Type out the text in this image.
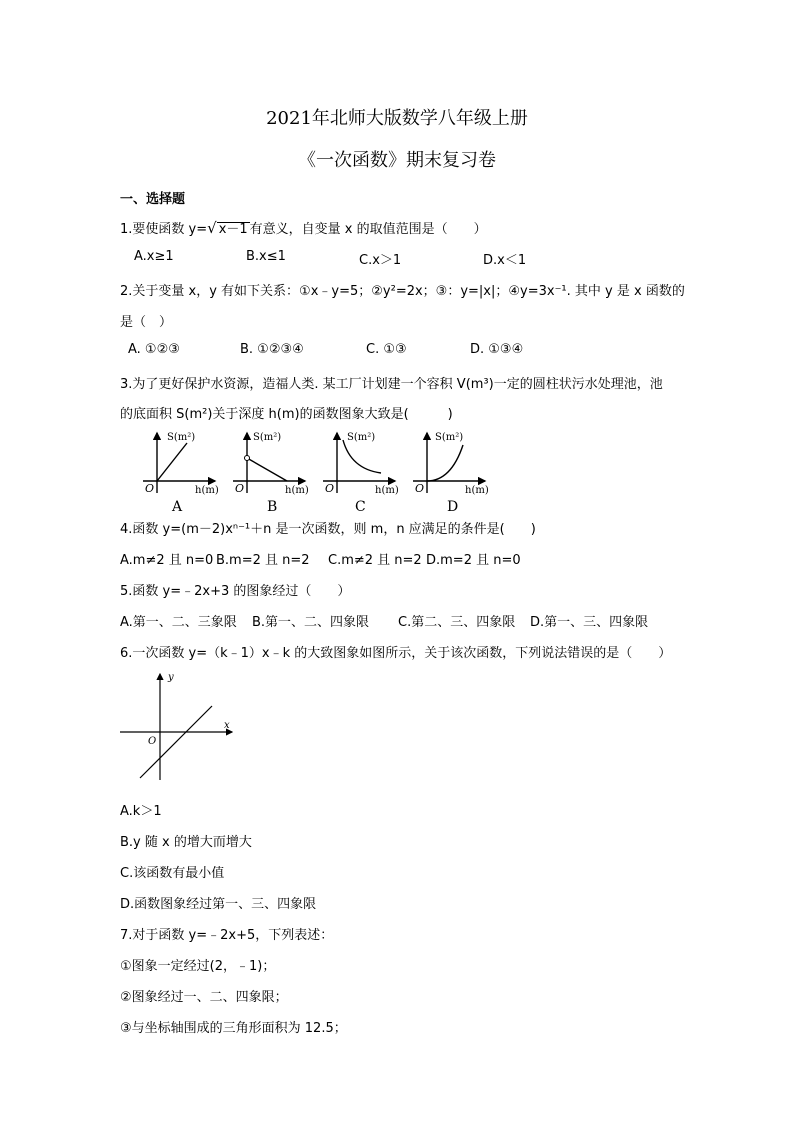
2021年北师大版数学八年级上册
《一次函数》期末复习卷
一、选择题
1.要使函数 y=√ x－1 有意义，自变量 x 的取值范围是（　　）
A.x≥1	B.x≤1	C.x＞1	D.x＜1
2.关于变量 x，y 有如下关系：①x﹣y=5；②y²=2x；③：y=|x|；④y=3x⁻¹. 其中 y 是 x 函数的
是（　）
A. ①②③	B. ①②③④	C. ①③	D. ①③④
3.为了更好保护水资源，造福人类. 某工厂计划建一个容积 V(m³)一定的圆柱状污水处理池，池
的底面积 S(m²)关于深度 h(m)的函数图象大致是(　　　)
S(m²)
O	h(m)
A
S(m²)
O	h(m)
B
S(m²)
O	h(m)
C
S(m²)
O	h(m)
D
4.函数 y=(m－2)xⁿ⁻¹＋n 是一次函数，则 m，n 应满足的条件是(　　)
A.m≠2 且 n=0 B.m=2 且 n=2 C.m≠2 且 n=2 D.m=2 且 n=0
5.函数 y=﹣2x+3 的图象经过（　　）
A.第一、二、三象限 B.第一、二、四象限 C.第二、三、四象限 D.第一、三、四象限
6.一次函数 y=（k﹣1）x﹣k 的大致图象如图所示，关于该次函数，下列说法错误的是（　　）
y
x
O
A.k＞1
B.y 随 x 的增大而增大
C.该函数有最小值
D.函数图象经过第一、三、四象限
7.对于函数 y=﹣2x+5，下列表述：
①图象一定经过(2，﹣1)；
②图象经过一、二、四象限；
③与坐标轴围成的三角形面积为 12.5；
